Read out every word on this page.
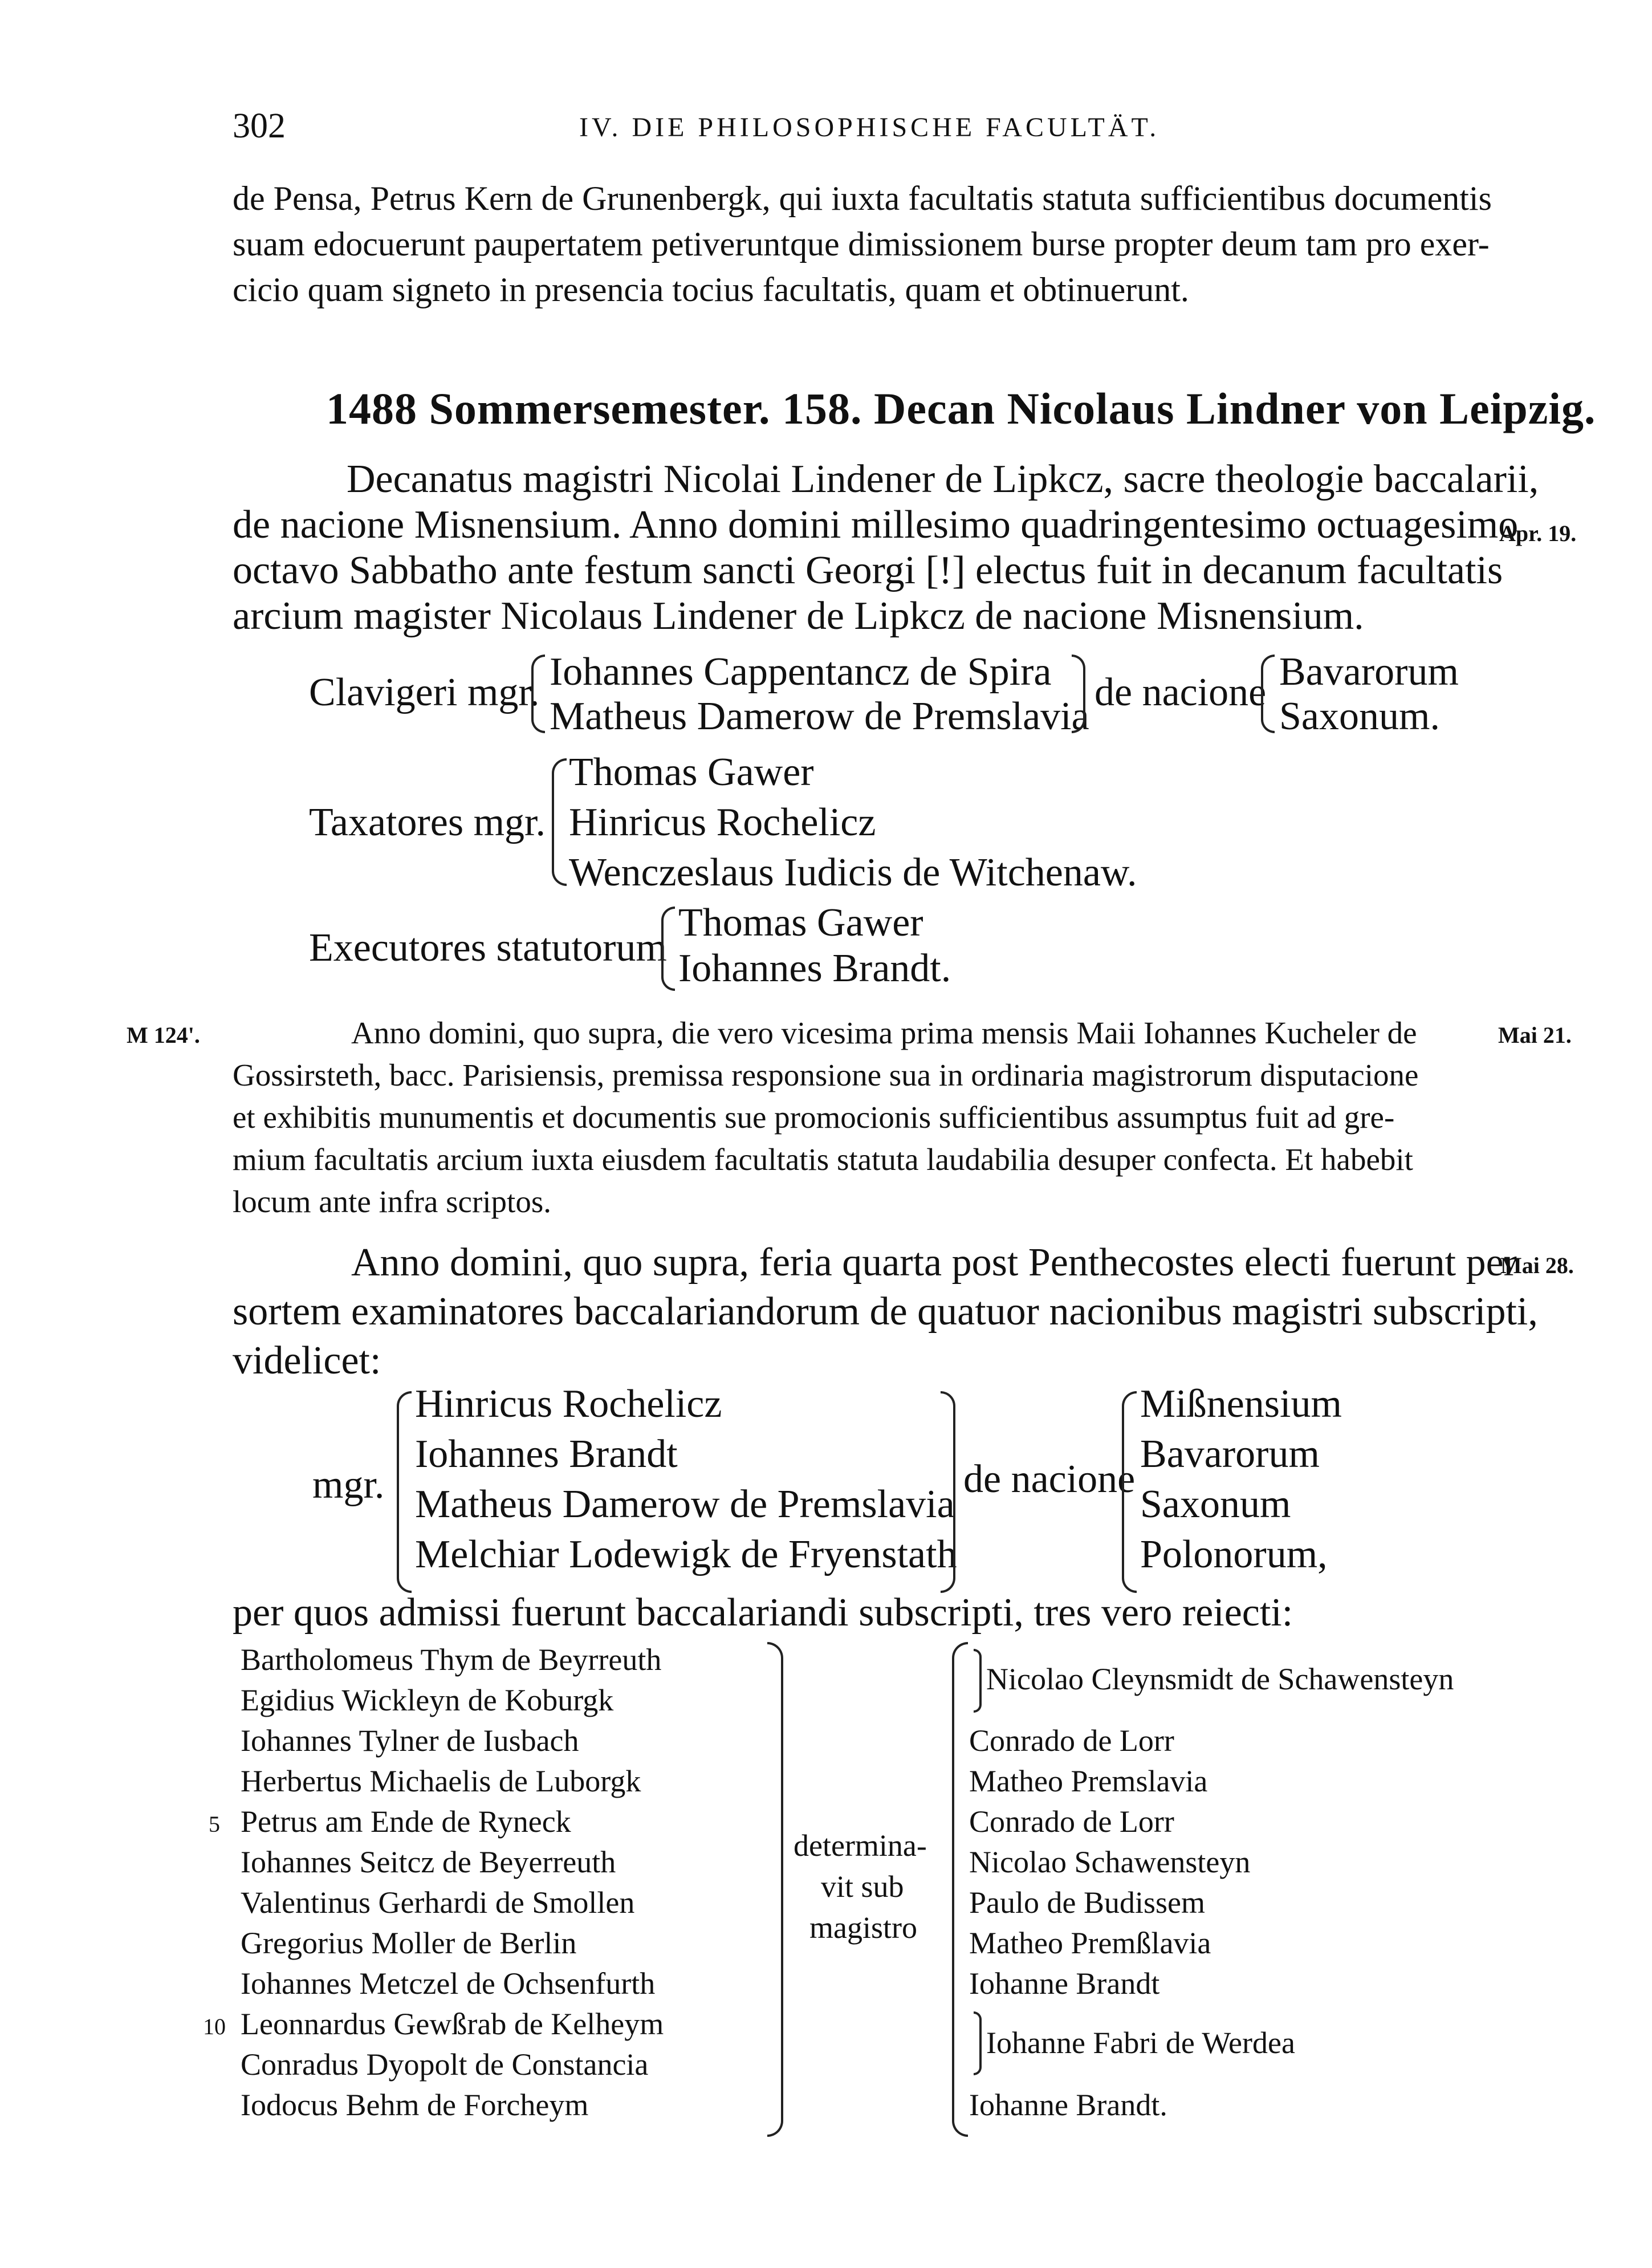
302	IV. DIE PHILOSOPHISCHE FACULTÄT.
de Pensa, Petrus Kern de Grunenbergk, qui iuxta facultatis statuta sufficientibus documentis
suam edocuerunt paupertatem petiveruntque dimissionem burse propter deum tam pro exer-
cicio quam signeto in presencia tocius facultatis, quam et obtinuerunt.
1488 Sommersemester. 158. Decan Nicolaus Lindner von Leipzig.
Decanatus magistri Nicolai Lindener de Lipkcz, sacre theologie baccalarii,
de nacione Misnensium. Anno domini millesimo quadringentesimo octuagesimo
octavo Sabbatho ante festum sancti Georgi [!] electus fuit in decanum facultatis
arcium magister Nicolaus Lindener de Lipkcz de nacione Misnensium.
Apr. 19.
Clavigeri mgr. Iohannes Cappentancz de Spira
Matheus Damerow de Premslavia
de nacione Bavarorum
Saxonum.
Taxatores mgr.
Thomas Gawer
Hinricus Rochelicz
Wenczeslaus Iudicis de Witchenaw.
Executores statutorum
Thomas Gawer
Iohannes Brandt.
M 124'.	Mai 21.
Anno domini, quo supra, die vero vicesima prima mensis Maii Iohannes Kucheler de
Gossirsteth, bacc. Parisiensis, premissa responsione sua in ordinaria magistrorum disputacione
et exhibitis munumentis et documentis sue promocionis sufficientibus assumptus fuit ad gre-
mium facultatis arcium iuxta eiusdem facultatis statuta laudabilia desuper confecta. Et habebit
locum ante infra scriptos.
Mai 28.
Anno domini, quo supra, feria quarta post Penthecostes electi fuerunt per
sortem examinatores baccalariandorum de quatuor nacionibus magistri subscripti,
videlicet:
mgr.
Hinricus Rochelicz
Iohannes Brandt
Matheus Damerow de Premslavia
Melchiar Lodewigk de Fryenstath
de nacione
Mißnensium
Bavarorum
Saxonum
Polonorum,
per quos admissi fuerunt baccalariandi subscripti, tres vero reiecti:
Bartholomeus Thym de Beyrreuth
Egidius Wickleyn de Koburgk
Iohannes Tylner de Iusbach
Herbertus Michaelis de Luborgk
5 Petrus am Ende de Ryneck
Iohannes Seitcz de Beyerreuth
Valentinus Gerhardi de Smollen
Gregorius Moller de Berlin
Iohannes Metczel de Ochsenfurth
10 Leonnardus Gewßrab de Kelheym
Conradus Dyopolt de Constancia
Iodocus Behm de Forcheym
determina-
vit sub
magistro
Nicolao Cleynsmidt de Schawensteyn
Conrado de Lorr
Matheo Premslavia
Conrado de Lorr
Nicolao Schawensteyn
Paulo de Budissem
Matheo Premßlavia
Iohanne Brandt
Iohanne Fabri de Werdea
Iohanne Brandt.
